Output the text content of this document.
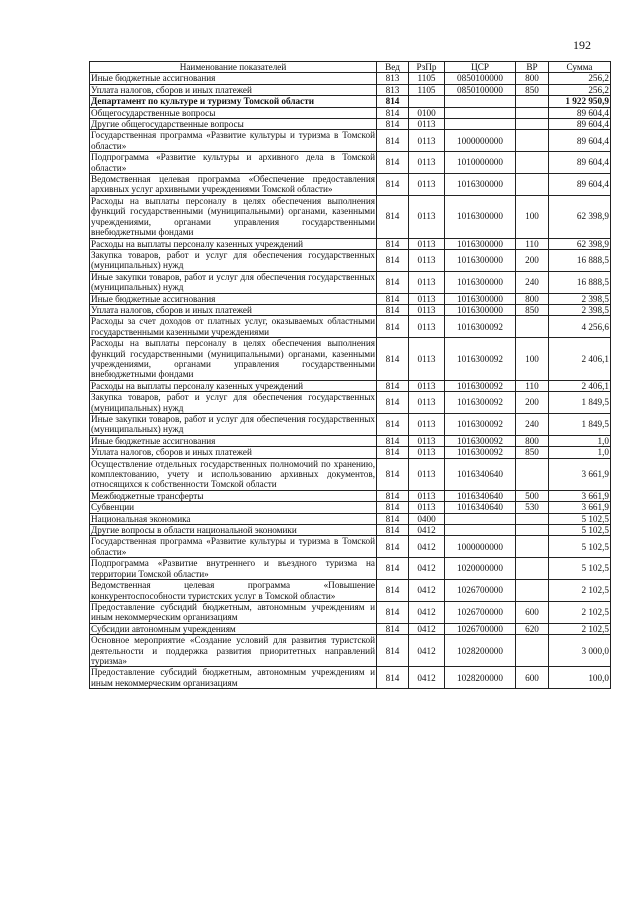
192
Наименование показателей	Вед	РзПр	ЦСР	ВР	Сумма
Иные бюджетные ассигнования	813	1105	0850100000	800	256,2
Уплата налогов, сборов и иных платежей	813	1105	0850100000	850	256,2
Департамент по культуре и туризму Томской области	814				1 922 950,9
Общегосударственные вопросы	814	0100			89 604,4
Другие общегосударственные вопросы	814	0113			89 604,4
Государственная программа «Развитие культуры и туризма в Томской области»	814	0113	1000000000		89 604,4
Подпрограмма «Развитие культуры и архивного дела в Томской области»	814	0113	1010000000		89 604,4
Ведомственная целевая программа «Обеспечение предоставления архивных услуг архивными учреждениями Томской области»	814	0113	1016300000		89 604,4
Расходы на выплаты персоналу в целях обеспечения выполнения функций государственными (муниципальными) органами, казенными учреждениями, органами управления государственными внебюджетными фондами	814	0113	1016300000	100	62 398,9
Расходы на выплаты персоналу казенных учреждений	814	0113	1016300000	110	62 398,9
Закупка товаров, работ и услуг для обеспечения государственных (муниципальных) нужд	814	0113	1016300000	200	16 888,5
Иные закупки товаров, работ и услуг для обеспечения государственных (муниципальных) нужд	814	0113	1016300000	240	16 888,5
Иные бюджетные ассигнования	814	0113	1016300000	800	2 398,5
Уплата налогов, сборов и иных платежей	814	0113	1016300000	850	2 398,5
Расходы за счет доходов от платных услуг, оказываемых областными государственными казенными учреждениями	814	0113	1016300092		4 256,6
Расходы на выплаты персоналу в целях обеспечения выполнения функций государственными (муниципальными) органами, казенными учреждениями, органами управления государственными внебюджетными фондами	814	0113	1016300092	100	2 406,1
Расходы на выплаты персоналу казенных учреждений	814	0113	1016300092	110	2 406,1
Закупка товаров, работ и услуг для обеспечения государственных (муниципальных) нужд	814	0113	1016300092	200	1 849,5
Иные закупки товаров, работ и услуг для обеспечения государственных (муниципальных) нужд	814	0113	1016300092	240	1 849,5
Иные бюджетные ассигнования	814	0113	1016300092	800	1,0
Уплата налогов, сборов и иных платежей	814	0113	1016300092	850	1,0
Осуществление отдельных государственных полномочий по хранению, комплектованию, учету и использованию архивных документов, относящихся к собственности Томской области	814	0113	1016340640		3 661,9
Межбюджетные трансферты	814	0113	1016340640	500	3 661,9
Субвенции	814	0113	1016340640	530	3 661,9
Национальная экономика	814	0400			5 102,5
Другие вопросы в области национальной экономики	814	0412			5 102,5
Государственная программа «Развитие культуры и туризма в Томской области»	814	0412	1000000000		5 102,5
Подпрограмма «Развитие внутреннего и въездного туризма на территории Томской области»	814	0412	1020000000		5 102,5
Ведомственная целевая программа «Повышение конкурентоспособности туристских услуг в Томской области»	814	0412	1026700000		2 102,5
Предоставление субсидий бюджетным, автономным учреждениям и иным некоммерческим организациям	814	0412	1026700000	600	2 102,5
Субсидии автономным учреждениям	814	0412	1026700000	620	2 102,5
Основное мероприятие «Создание условий для развития туристской деятельности и поддержка развития приоритетных направлений туризма»	814	0412	1028200000		3 000,0
Предоставление субсидий бюджетным, автономным учреждениям и иным некоммерческим организациям	814	0412	1028200000	600	100,0
